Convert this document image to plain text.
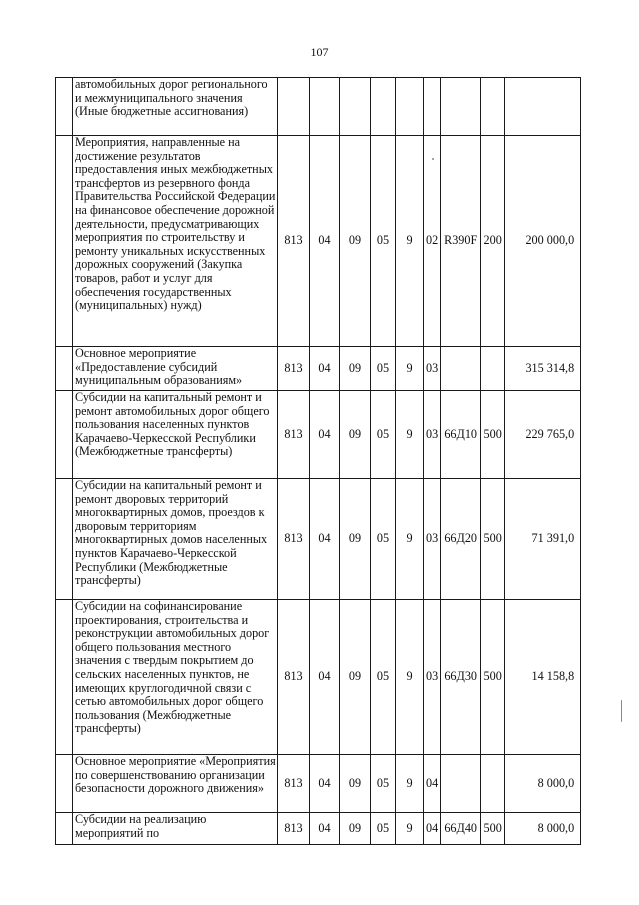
107
	автомобильных дорог регионального и межмуниципального значения (Иные бюджетные ассигнования)									
	Мероприятия, направленные на достижение результатов предоставления иных межбюджетных трансфертов из резервного фонда Правительства Российской Федерации на финансовое обеспечение дорожной деятельности, предусматривающих мероприятия по строительству и ремонту уникальных искусственных дорожных сооружений (Закупка товаров, работ и услуг для обеспечения государственных (муниципальных) нужд)	813	04	09	05	9	02	R390F	200	200 000,0
	Основное мероприятие «Предоставление субсидий муниципальным образованиям»	813	04	09	05	9	03			315 314,8
	Субсидии на капитальный ремонт и ремонт автомобильных дорог общего пользования населенных пунктов Карачаево-Черкесской Республики (Межбюджетные трансферты)	813	04	09	05	9	03	66Д10	500	229 765,0
	Субсидии на капитальный ремонт и ремонт дворовых территорий многоквартирных домов, проездов к дворовым территориям многоквартирных домов населенных пунктов Карачаево-Черкесской Республики (Межбюджетные трансферты)	813	04	09	05	9	03	66Д20	500	71 391,0
	Субсидии на софинансирование проектирования, строительства и реконструкции автомобильных дорог общего пользования местного значения с твердым покрытием до сельских населенных пунктов, не имеющих круглогодичной связи с сетью автомобильных дорог общего пользования (Межбюджетные трансферты)	813	04	09	05	9	03	66Д30	500	14 158,8
	Основное мероприятие «Мероприятия по совершенствованию организации безопасности дорожного движения»	813	04	09	05	9	04			8 000,0
	Субсидии на реализацию мероприятий по	813	04	09	05	9	04	66Д40	500	8 000,0
